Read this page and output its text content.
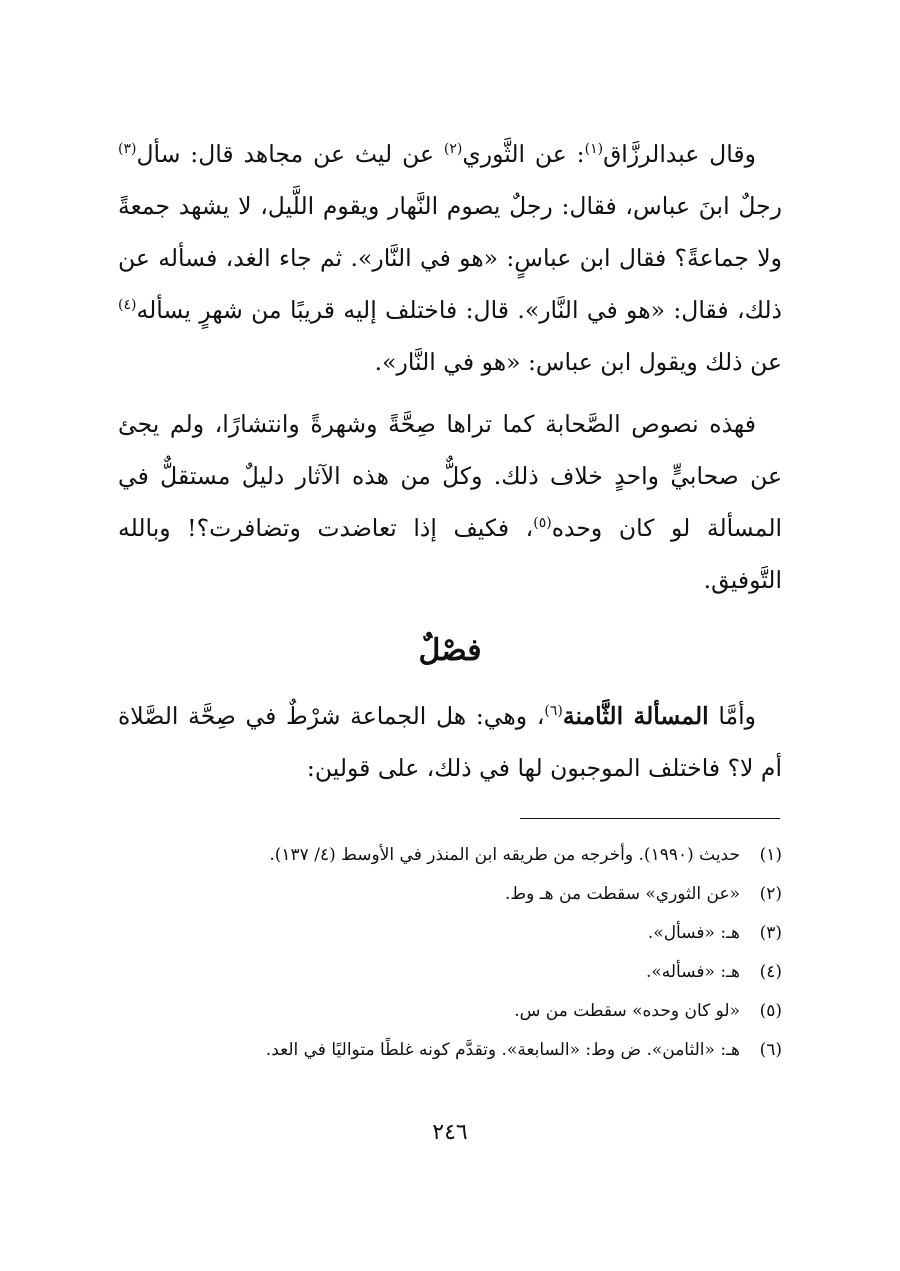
وقال عبدالرزَّاق$^{(١)}$: عن الثَّوري$^{(٢)}$ عن ليث عن مجاهد قال: سأل$^{(٣)}$ رجلٌ ابنَ عباس، فقال: رجلٌ يصوم النَّهار ويقوم اللَّيل، لا يشهد جمعةً ولا جماعةً؟ فقال ابن عباسٍ: «هو في النَّار». ثم جاء الغد، فسأله عن ذلك، فقال: «هو في النَّار». قال: فاختلف إليه قريبًا من شهرٍ يسأله$^{(٤)}$ عن ذلك ويقول ابن عباس: «هو في النَّار».

فهذه نصوص الصَّحابة كما تراها صِحَّةً وشهرةً وانتشارًا، ولم يجئ عن صحابيٍّ واحدٍ خلاف ذلك. وكلٌّ من هذه الآثار دليلٌ مستقلٌّ في المسألة لو كان وحده$^{(٥)}$، فكيف إذا تعاضدت وتضافرت؟! وبالله التَّوفيق.

فصْلٌ

وأمَّا المسألة الثَّامنة$^{(٦)}$، وهي: هل الجماعة شرْطٌ في صِحَّة الصَّلاة أم لا؟ فاختلف الموجبون لها في ذلك، على قولين:

(١)حديث (١٩٩٠). وأخرجه من طريقه ابن المنذر في الأوسط (٤/ ١٣٧).
(٢)«عن الثوري» سقطت من هـ وط.
(٣)هـ: «فسأل».
(٤)هـ: «فسأله».
(٥)«لو كان وحده» سقطت من س.
(٦)هـ: «الثامن». ض وط: «السابعة». وتقدَّم كونه غلطًا متواليًا في العد.
٢٤٦
